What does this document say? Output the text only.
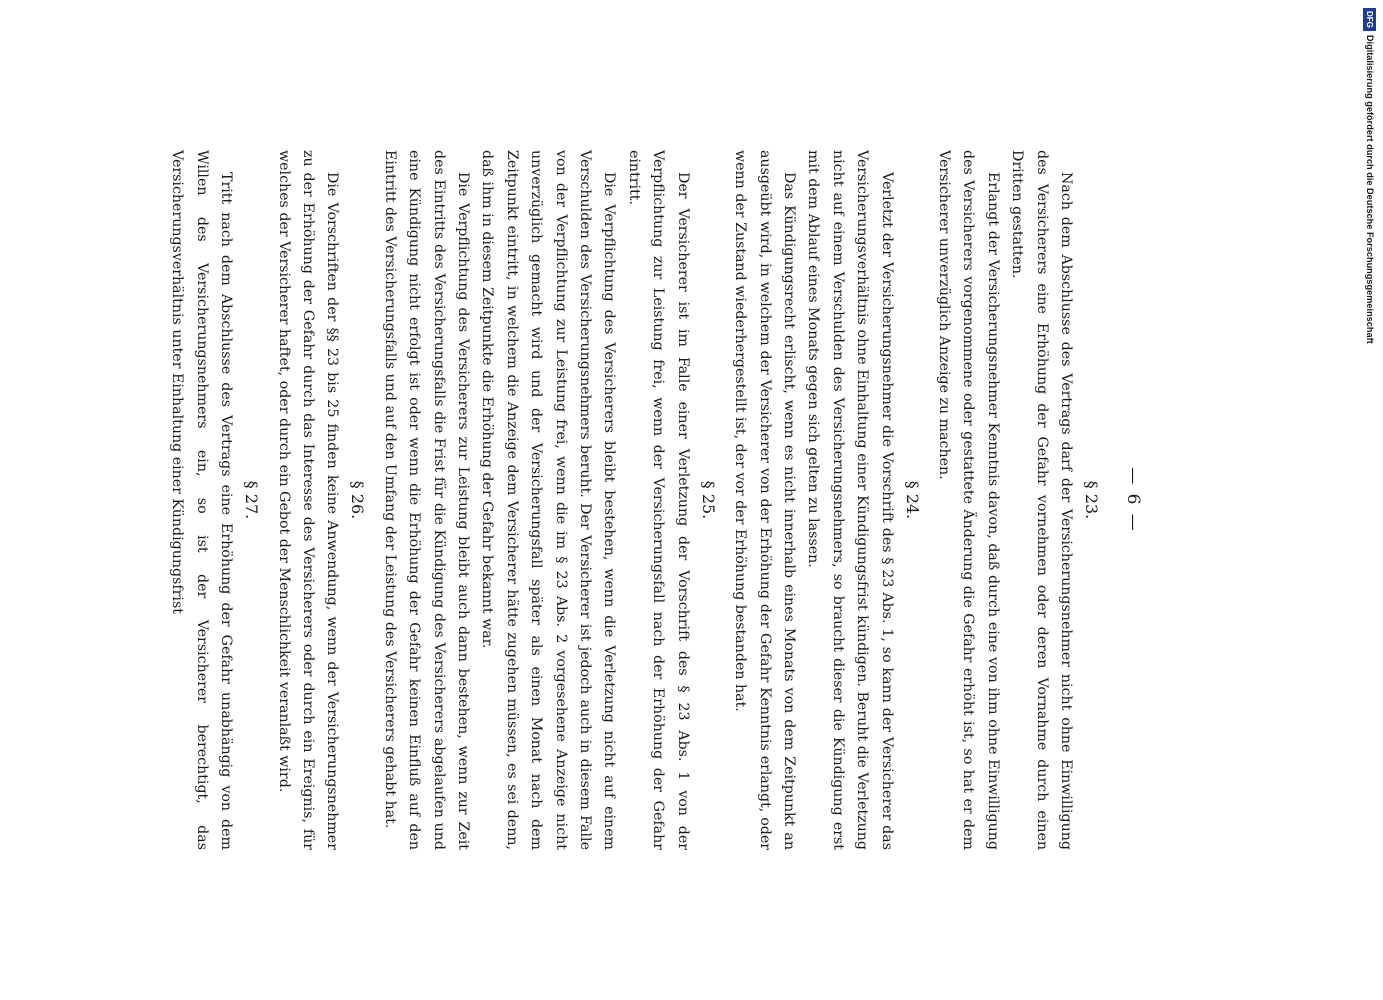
— 6 —
§ 23.

Nach dem Abschlusse des Vertrags darf der Versicherungsnehmer nicht ohne Einwilligung des Versicherers eine Erhöhung der Gefahr vornehmen oder deren Vornahme durch einen Dritten gestatten.

Erlangt der Versicherungsnehmer Kenntnis davon, daß durch eine von ihm ohne Einwilligung des Versicherers vorgenommene oder gestattete Änderung die Gefahr erhöht ist, so hat er dem Versicherer unverzüglich Anzeige zu machen.

§ 24.

Verletzt der Versicherungsnehmer die Vorschrift des § 23 Abs. 1, so kann der Versicherer das Versicherungsverhältnis ohne Einhaltung einer Kündigungsfrist kündigen. Beruht die Verletzung nicht auf einem Verschulden des Versicherungsnehmers, so braucht dieser die Kündigung erst mit dem Ablauf eines Monats gegen sich gelten zu lassen.

Das Kündigungsrecht erlischt, wenn es nicht innerhalb eines Monats von dem Zeitpunkt an ausgeübt wird, in welchem der Versicherer von der Erhöhung der Gefahr Kenntnis erlangt, oder wenn der Zustand wiederhergestellt ist, der vor der Erhöhung bestanden hat.

§ 25.

Der Versicherer ist im Falle einer Verletzung der Vorschrift des § 23 Abs. 1 von der Verpflichtung zur Leistung frei, wenn der Versicherungsfall nach der Erhöhung der Gefahr eintritt.

Die Verpflichtung des Versicherers bleibt bestehen, wenn die Verletzung nicht auf einem Verschulden des Versicherungsnehmers beruht. Der Versicherer ist jedoch auch in diesem Falle von der Verpflichtung zur Leistung frei, wenn die im § 23 Abs. 2 vorgesehene Anzeige nicht unverzüglich gemacht wird und der Versicherungsfall später als einen Monat nach dem Zeitpunkt eintritt, in welchem die Anzeige dem Versicherer hätte zugehen müssen, es sei denn, daß ihm in diesem Zeitpunkte die Erhöhung der Gefahr bekannt war.

Die Verpflichtung des Versicherers zur Leistung bleibt auch dann bestehen, wenn zur Zeit des Eintritts des Versicherungsfalls die Frist für die Kündigung des Versicherers abgelaufen und eine Kündigung nicht erfolgt ist oder wenn die Erhöhung der Gefahr keinen Einfluß auf den Eintritt des Versicherungsfalls und auf den Umfang der Leistung des Versicherers gehabt hat.

§ 26.

Die Vorschriften der §§ 23 bis 25 finden keine Anwendung, wenn der Versicherungsnehmer zu der Erhöhung der Gefahr durch das Interesse des Versicherers oder durch ein Ereignis, für welches der Versicherer haftet, oder durch ein Gebot der Menschlichkeit veranlaßt wird.

§ 27.

Tritt nach dem Abschlusse des Vertrags eine Erhöhung der Gefahr unabhängig von dem Willen des Versicherungsnehmers ein, so ist der Versicherer berechtigt, das Versicherungsverhältnis unter Einhaltung einer Kündigungsfrist

DFG
Digitalisierung gefördert durch die Deutsche Forschungsgemeinschaft
